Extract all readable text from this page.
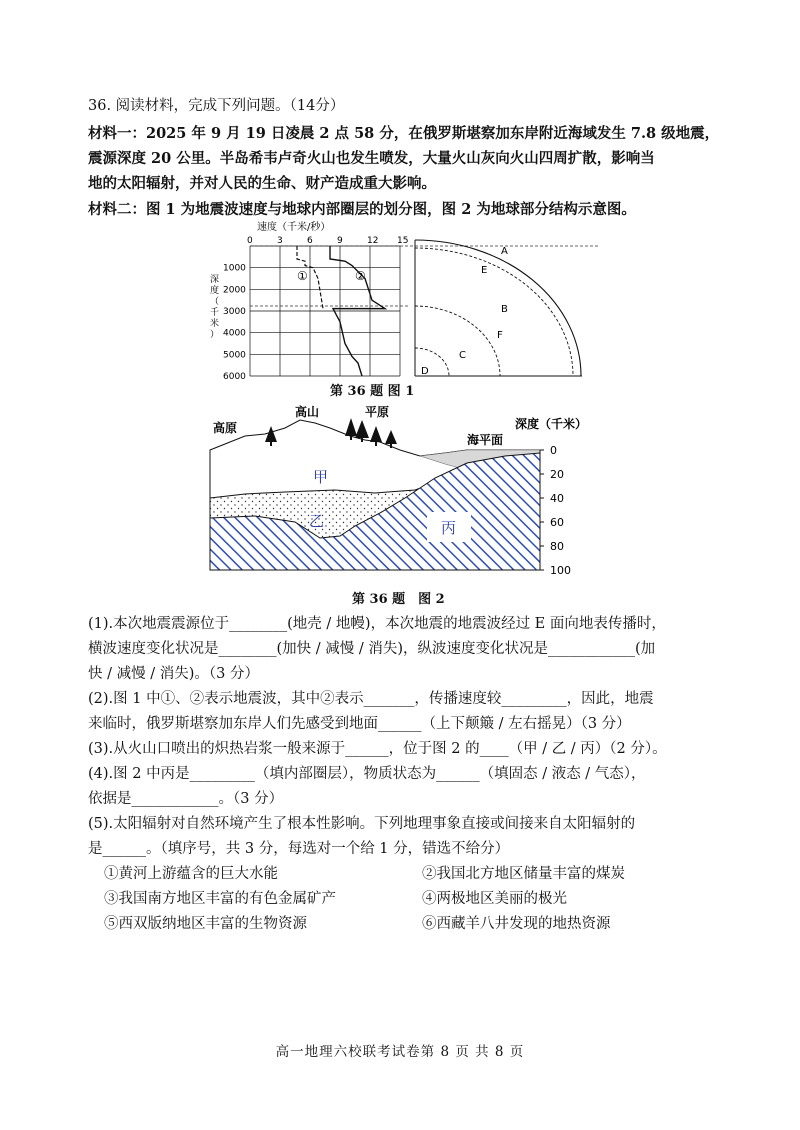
36. 阅读材料，完成下列问题。（14分）
材料一：2025 年 9 月 19 日凌晨 2 点 58 分，在俄罗斯堪察加东岸附近海域发生 7.8 级地震，
震源深度 20 公里。半岛希韦卢奇火山也发生喷发，大量火山灰向火山四周扩散，影响当
地的太阳辐射，并对人民的生命、财产造成重大影响。
材料二：图 1 为地震波速度与地球内部圈层的划分图，图 2 为地球部分结构示意图。
速度（千米/秒）
0	3	6	9	12 15
深
度
（
千
米
）
1000
2000
3000
4000
5000
6000
①	②
A
E
B
F
C
D
第 36 题 图 1
高原
高山	平原
海平面
深度（千米）
甲
乙	丙
0
20
40
60
80
100
第 36 题　图 2
(1).本次地震震源位于________(地壳 / 地幔)，本次地震的地震波经过 E 面向地表传播时，
横波速度变化状况是________(加快 / 减慢 / 消失)，纵波速度变化状况是____________(加
快 / 减慢 / 消失)。（3 分）
(2).图 1 中①、②表示地震波，其中②表示_______，传播速度较_________，因此，地震
来临时，俄罗斯堪察加东岸人们先感受到地面______（上下颠簸 / 左右摇晃）（3 分）
(3).从火山口喷出的炽热岩浆一般来源于______，位于图 2 的____（甲 / 乙 / 丙）（2 分）。
(4).图 2 中丙是_________（填内部圈层），物质状态为______（填固态 / 液态 / 气态），
依据是____________。（3 分）
(5).太阳辐射对自然环境产生了根本性影响。下列地理事象直接或间接来自太阳辐射的
是______。（填序号，共 3 分，每选对一个给 1 分，错选不给分）
①黄河上游蕴含的巨大水能	②我国北方地区储量丰富的煤炭
③我国南方地区丰富的有色金属矿产	④两极地区美丽的极光
⑤西双版纳地区丰富的生物资源	⑥西藏羊八井发现的地热资源
高一地理六校联考试卷第 8 页 共 8 页
